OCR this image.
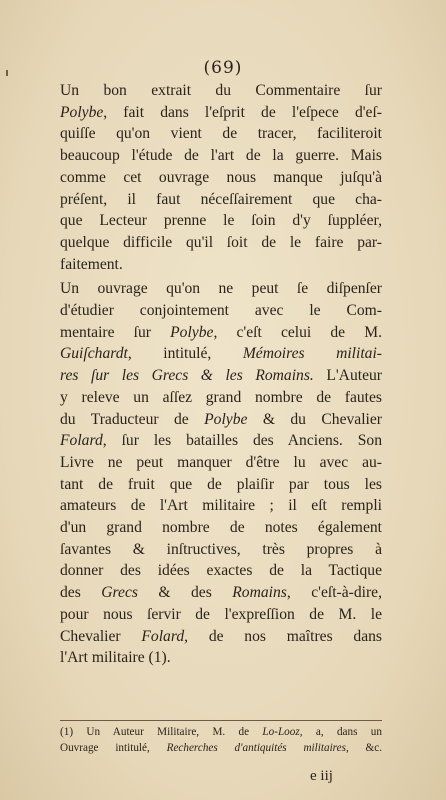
(69)
Un bon extrait du Commentaire ſur
Polybe, fait dans l'eſprit de l'eſpece d'eſ-
quiſſe qu'on vient de tracer, faciliteroit
beaucoup l'étude de l'art de la guerre. Mais
comme cet ouvrage nous manque juſqu'à
préſent, il faut néceſſairement que cha-
que Lecteur prenne le ſoin d'y ſuppléer,
quelque difficile qu'il ſoit de le faire par-
faitement.
Un ouvrage qu'on ne peut ſe diſpenſer
d'étudier conjointement avec le Com-
mentaire ſur Polybe, c'eſt celui de M.
Guiſchardt, intitulé, Mémoires militai-
res ſur les Grecs & les Romains. L'Auteur
y releve un aſſez grand nombre de fautes
du Traducteur de Polybe & du Chevalier
Folard, ſur les batailles des Anciens. Son
Livre ne peut manquer d'être lu avec au-
tant de fruit que de plaiſir par tous les
amateurs de l'Art militaire ; il eſt rempli
d'un grand nombre de notes également
ſavantes & inſtructives, très propres à
donner des idées exactes de la Tactique
des Grecs & des Romains, c'eſt-à-dire,
pour nous ſervir de l'expreſſion de M. le
Chevalier Folard, de nos maîtres dans
l'Art militaire (1).
(1) Un Auteur Militaire, M. de Lo-Looz, a, dans un
Ouvrage intitulé, Recherches d'antiquités militaires, &c.
e iij
